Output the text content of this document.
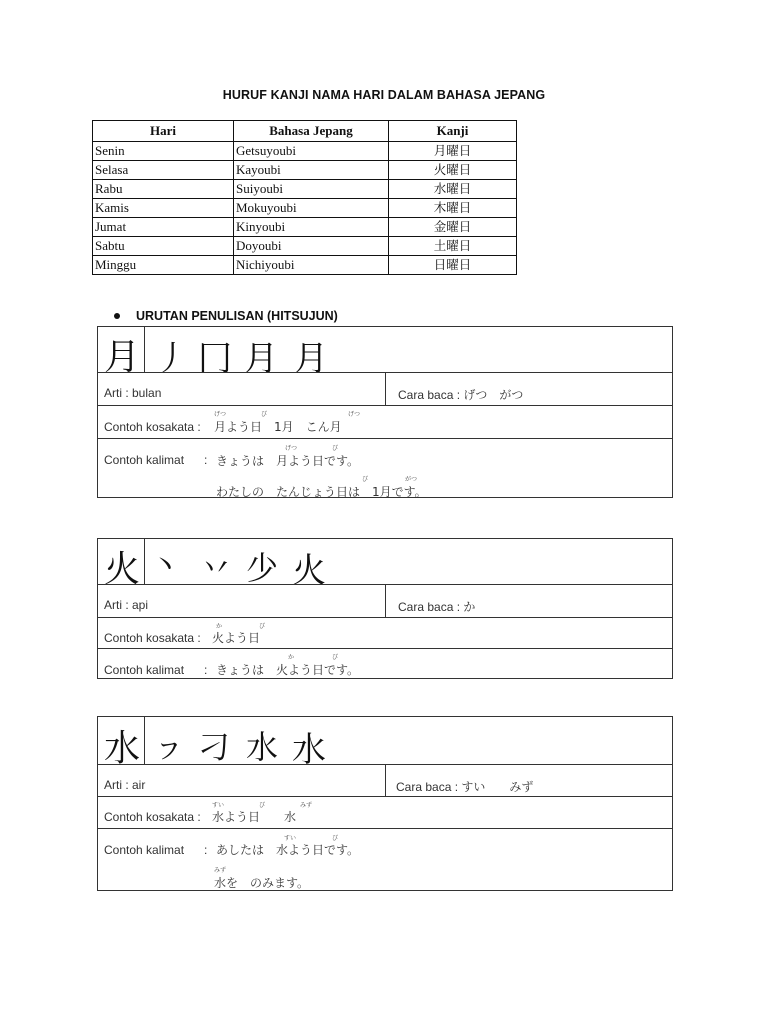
HURUF KANJI NAMA HARI DALAM BAHASA JEPANG
Hari	Bahasa Jepang	Kanji
Senin	Getsuyoubi	月曜日
Selasa	Kayoubi	火曜日
Rabu	Suiyoubi	水曜日
Kamis	Mokuyoubi	木曜日
Jumat	Kinyoubi	金曜日
Sabtu	Doyoubi	土曜日
Minggu	Nichiyoubi	日曜日
URUTAN PENULISAN (HITSUJUN)
月 丿 冂 月 月
Arti : bulan	Cara baca : げつ　がつ
Contoh kosakata :
げつ	び	げつ
月よう日　1月　こん月
Contoh kalimat :
げつ	び
きょうは　月よう日です。
び	がつ
わたしの　たんじょう日は　1月です。
火 丶 丷 少 火
Arti : api	Cara baca : か
Contoh kosakata :
か	び
火よう日
Contoh kalimat :
か	び
きょうは　火よう日です。
水 ㇷ 刁 水 水
Arti : air	Cara baca : すい　　みず
Contoh kosakata :
すい	び	みず
水よう日　　水
Contoh kalimat :
すい	び
あしたは　水よう日です。
みず
水を　のみます。
